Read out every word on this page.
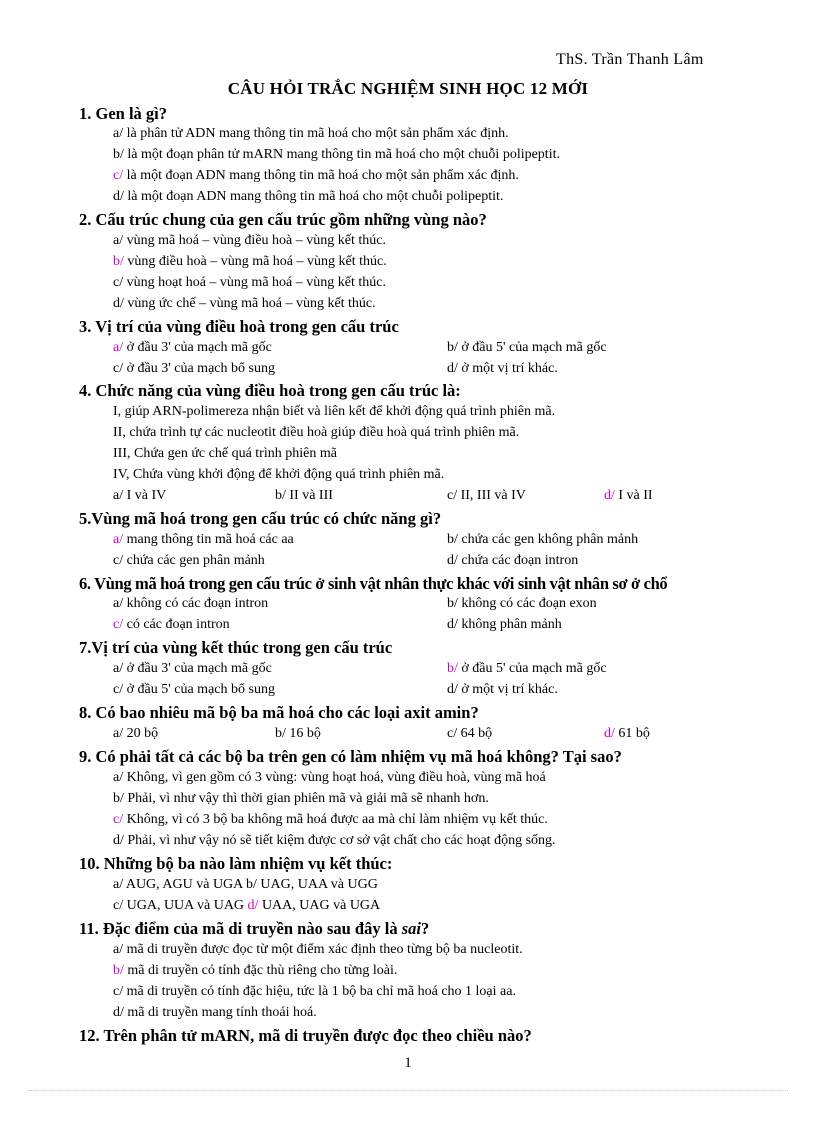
ThS. Trần Thanh Lâm
CÂU HỎI TRẮC NGHIỆM SINH HỌC 12 MỚI
1. Gen là gì?
a/ là phân tử ADN mang thông tin mã hoá cho một sản phẩm xác định.
b/ là một đoạn phân tử mARN mang thông tin mã hoá cho một chuỗi polipeptit.
c/ là một đoạn ADN mang thông tin mã hoá cho một sản phẩm xác định.
d/ là một đoạn ADN mang thông tin mã hoá cho một chuỗi polipeptit.
2. Cấu trúc chung của gen cấu trúc gồm những vùng nào?
a/ vùng mã hoá – vùng điều hoà – vùng kết thúc.
b/ vùng điều hoà – vùng mã hoá – vùng kết thúc.
c/ vùng hoạt hoá – vùng mã hoá – vùng kết thúc.
d/ vùng ức chế – vùng mã hoá – vùng kết thúc.
3. Vị trí của vùng điều hoà trong gen cấu trúc
a/ ở đầu 3' của mạch mã gốc	b/ ở đầu 5' của mạch mã gốc
c/ ở đầu 3' của mạch bổ sung	d/ ở một vị trí khác.
4. Chức năng của vùng điều hoà trong gen cấu trúc là:
I, giúp ARN-polimereza nhận biết và liên kết để khởi động quá trình phiên mã.
II, chứa trình tự các nucleotit điều hoà giúp điều hoà quá trình phiên mã.
III, Chứa gen ức chế quá trình phiên mã
IV, Chứa vùng khởi động để khởi động quá trình phiên mã.
a/ I và IV	b/ II và III	c/ II, III và IV	d/ I và II
5.Vùng mã hoá trong gen cấu trúc có chức năng gì?
a/ mang thông tin mã hoá các aa	b/ chứa các gen không phân mảnh
c/ chứa các gen phân mảnh	d/ chứa các đoạn intron
6. Vùng mã hoá trong gen cấu trúc ở sinh vật nhân thực khác với sinh vật nhân sơ ở chổ
a/ không có các đoạn intron	b/ không có các đoạn exon
c/ có các đoạn intron	d/ không phân mảnh
7.Vị trí của vùng kết thúc trong gen cấu trúc
a/ ở đầu 3' của mạch mã gốc	b/ ở đầu 5' của mạch mã gốc
c/ ở đầu 5' của mạch bổ sung	d/ ở một vị trí khác.
8. Có bao nhiêu mã bộ ba mã hoá cho các loại axit amin?
a/ 20 bộ	b/ 16 bộ	c/ 64 bộ	d/ 61 bộ
9. Có phải tất cả các bộ ba trên gen có làm nhiệm vụ mã hoá không? Tại sao?
a/ Không, vì gen gồm có 3 vùng: vùng hoạt hoá, vùng điều hoà, vùng mã hoá
b/ Phải, vì như vậy thì thời gian phiên mã và giải mã sẽ nhanh hơn.
c/ Không, vì có 3 bộ ba không mã hoá được aa mà chỉ làm nhiệm vụ kết thúc.
d/ Phải, vì như vậy nó sẽ tiết kiệm được cơ sở vật chất cho các hoạt động sống.
10. Những bộ ba nào làm nhiệm vụ kết thúc:
a/ AUG, AGU và UGA b/ UAG, UAA và UGG
c/ UGA, UUA và UAG d/ UAA, UAG và UGA
11. Đặc điểm của mã di truyền nào sau đây là sai?
a/ mã di truyền được đọc từ một điểm xác định theo từng bộ ba nucleotit.
b/ mã di truyền có tính đặc thù riêng cho từng loài.
c/ mã di truyền có tính đặc hiệu, tức là 1 bộ ba chỉ mã hoá cho 1 loại aa.
d/ mã di truyền mang tính thoái hoá.
12. Trên phân tử mARN, mã di truyền được đọc theo chiều nào?
1
